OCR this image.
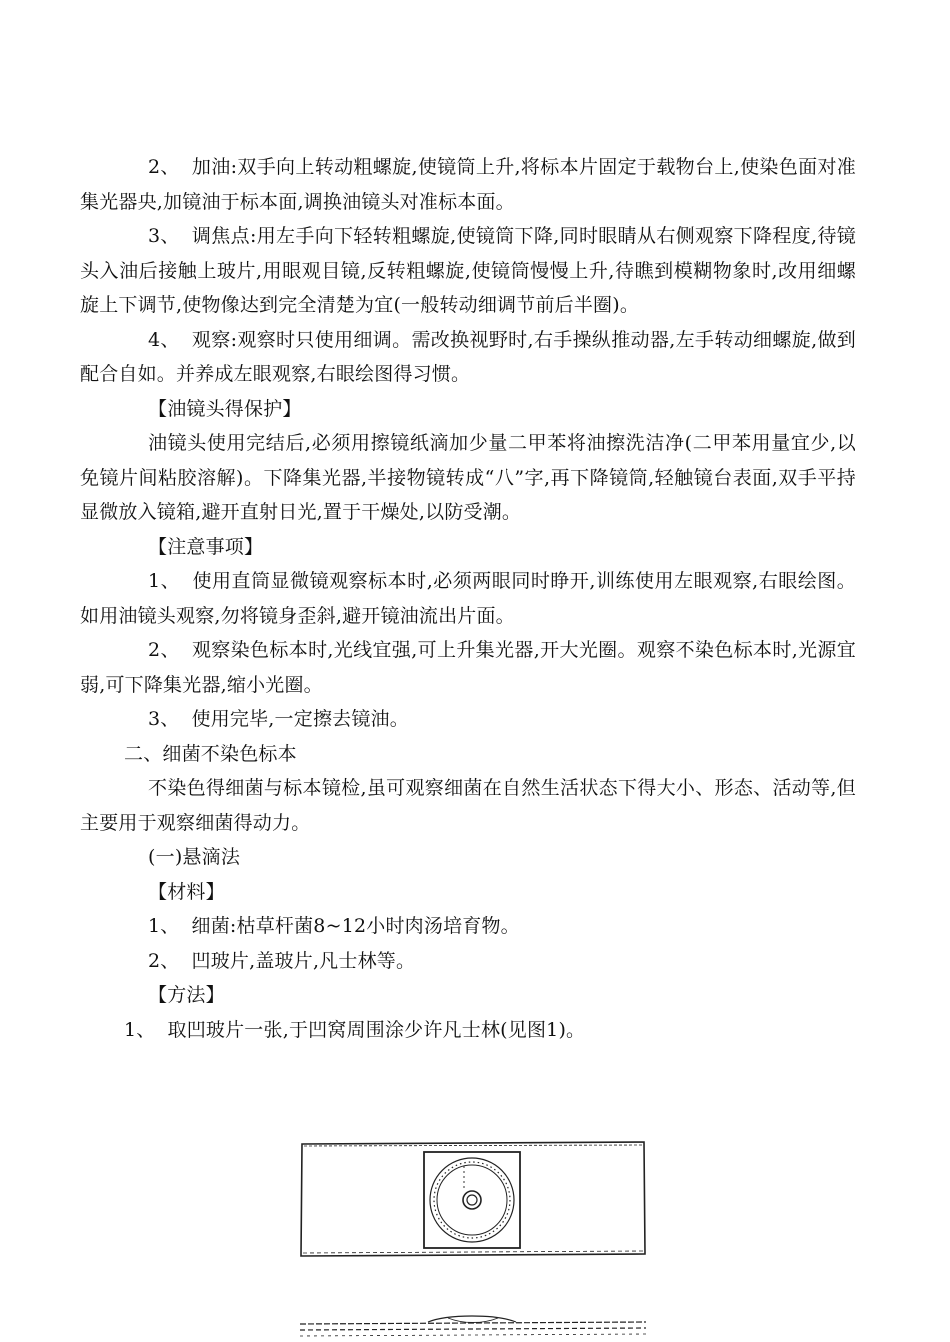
2、 加油:双手向上转动粗螺旋,使镜筒上升,将标本片固定于载物台上,使染色面对准集光器央,加镜油于标本面,调换油镜头对准标本面。

3、 调焦点:用左手向下轻转粗螺旋,使镜筒下降,同时眼睛从右侧观察下降程度,待镜头入油后接触上玻片,用眼观目镜,反转粗螺旋,使镜筒慢慢上升,待瞧到模糊物象时,改用细螺旋上下调节,使物像达到完全清楚为宜(一般转动细调节前后半圈)。

4、 观察:观察时只使用细调。需改换视野时,右手操纵推动器,左手转动细螺旋,做到配合自如。并养成左眼观察,右眼绘图得习惯。

【油镜头得保护】

油镜头使用完结后,必须用擦镜纸滴加少量二甲苯将油擦洗洁净(二甲苯用量宜少,以免镜片间粘胶溶解)。下降集光器,半接物镜转成“八”字,再下降镜筒,轻触镜台表面,双手平持显微放入镜箱,避开直射日光,置于干燥处,以防受潮。

【注意事项】

1、 使用直筒显微镜观察标本时,必须两眼同时睁开,训练使用左眼观察,右眼绘图。如用油镜头观察,勿将镜身歪斜,避开镜油流出片面。

2、 观察染色标本时,光线宜强,可上升集光器,开大光圈。观察不染色标本时,光源宜弱,可下降集光器,缩小光圈。

3、 使用完毕,一定擦去镜油。

二、细菌不染色标本

不染色得细菌与标本镜检,虽可观察细菌在自然生活状态下得大小、形态、活动等,但主要用于观察细菌得动力。

(一)悬滴法

【材料】

1、 细菌:枯草杆菌8~12小时肉汤培育物。

2、 凹玻片,盖玻片,凡士林等。

【方法】

1、 取凹玻片一张,于凹窝周围涂少许凡士林(见图1)。
